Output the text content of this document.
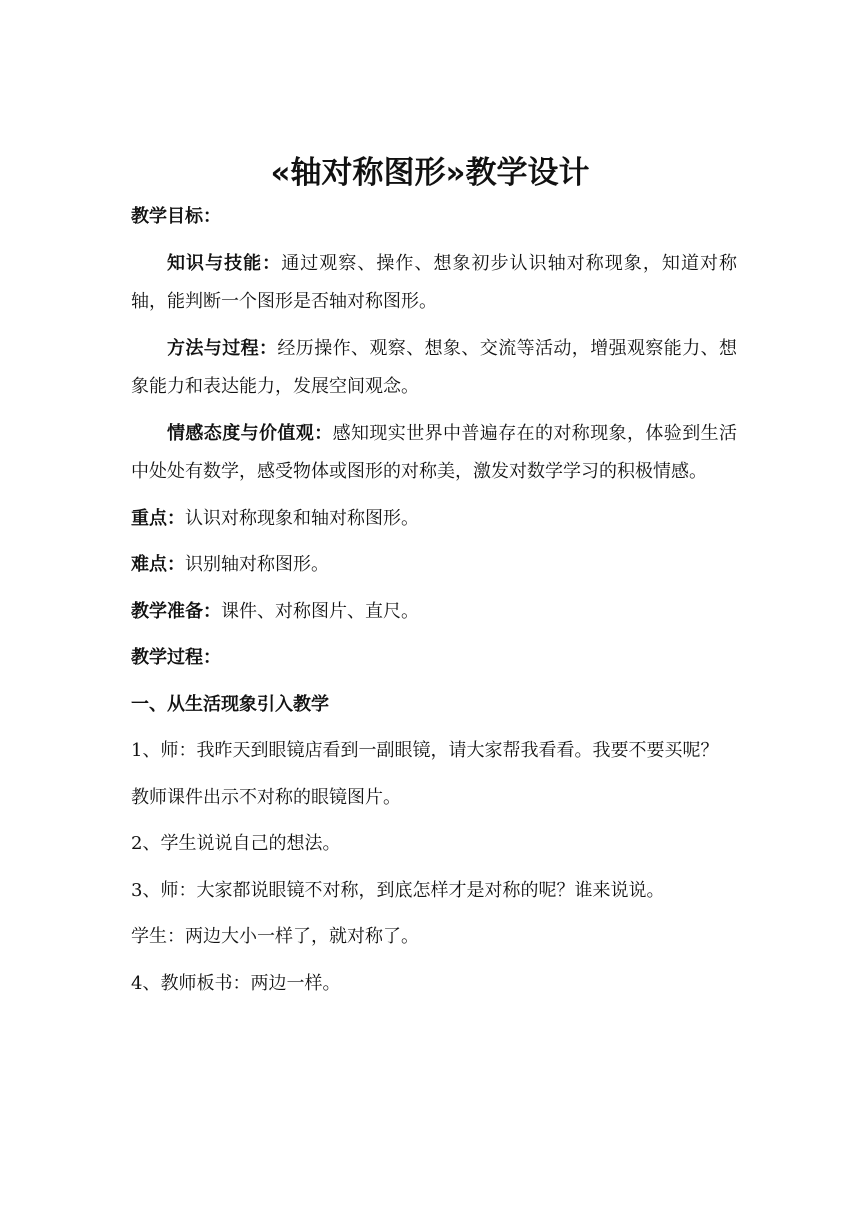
«轴对称图形»教学设计

教学目标：

知识与技能：通过观察、操作、想象初步认识轴对称现象，知道对称轴，能判断一个图形是否轴对称图形。

方法与过程：经历操作、观察、想象、交流等活动，增强观察能力、想象能力和表达能力，发展空间观念。

情感态度与价值观：感知现实世界中普遍存在的对称现象，体验到生活中处处有数学，感受物体或图形的对称美，激发对数学学习的积极情感。

重点：认识对称现象和轴对称图形。

难点：识别轴对称图形。

教学准备：课件、对称图片、直尺。

教学过程：

一、从生活现象引入教学

1、师：我昨天到眼镜店看到一副眼镜，请大家帮我看看。我要不要买呢？

教师课件出示不对称的眼镜图片。

2、学生说说自己的想法。

3、师：大家都说眼镜不对称，到底怎样才是对称的呢？谁来说说。

学生：两边大小一样了，就对称了。

4、教师板书：两边一样。
